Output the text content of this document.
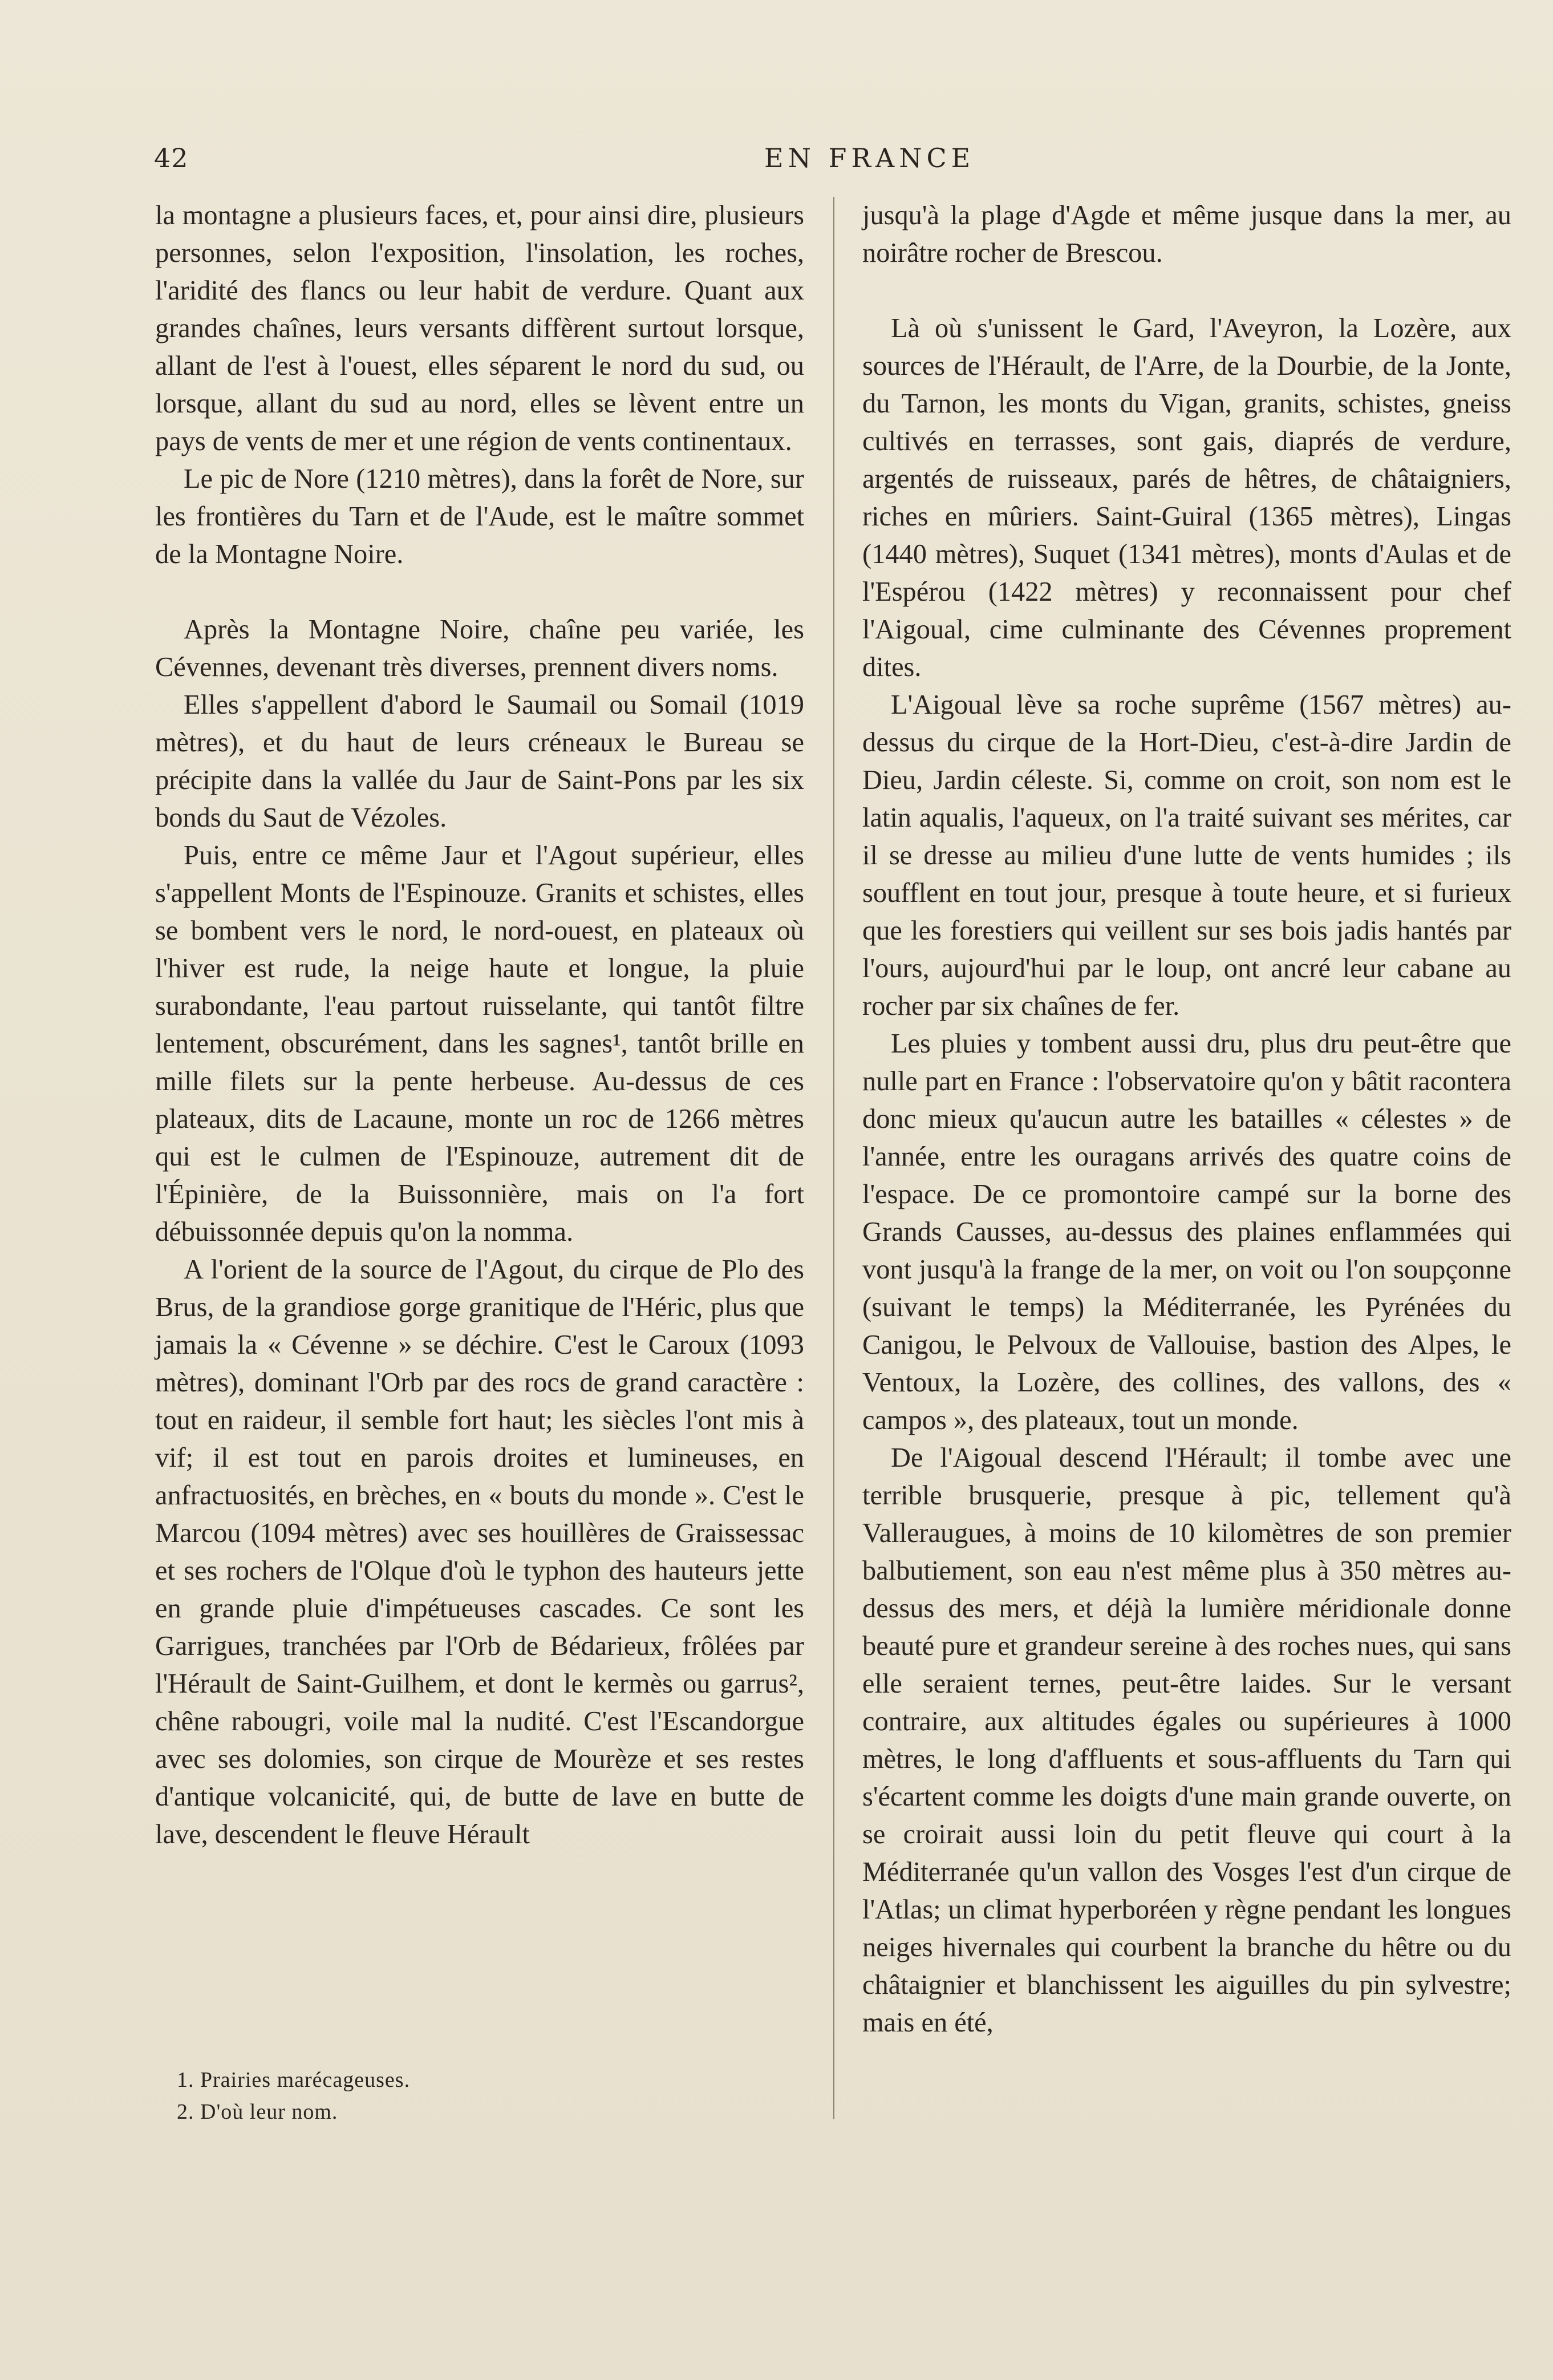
42	EN FRANCE

la montagne a plusieurs faces, et, pour ainsi dire, plusieurs personnes, selon l'exposition, l'insolation, les roches, l'aridité des flancs ou leur habit de verdure. Quant aux grandes chaînes, leurs versants diffèrent surtout lorsque, allant de l'est à l'ouest, elles séparent le nord du sud, ou lorsque, allant du sud au nord, elles se lèvent entre un pays de vents de mer et une région de vents continentaux.

Le pic de Nore (1210 mètres), dans la forêt de Nore, sur les frontières du Tarn et de l'Aude, est le maître sommet de la Montagne Noire.

Après la Montagne Noire, chaîne peu variée, les Cévennes, devenant très diverses, prennent divers noms.

Elles s'appellent d'abord le Saumail ou Somail (1019 mètres), et du haut de leurs créneaux le Bureau se précipite dans la vallée du Jaur de Saint-Pons par les six bonds du Saut de Vézoles.

Puis, entre ce même Jaur et l'Agout supérieur, elles s'appellent Monts de l'Espinouze. Granits et schistes, elles se bombent vers le nord, le nord-ouest, en plateaux où l'hiver est rude, la neige haute et longue, la pluie surabondante, l'eau partout ruisselante, qui tantôt filtre lentement, obscurément, dans les sagnes¹, tantôt brille en mille filets sur la pente herbeuse. Au-dessus de ces plateaux, dits de Lacaune, monte un roc de 1266 mètres qui est le culmen de l'Espinouze, autrement dit de l'Épinière, de la Buissonnière, mais on l'a fort débuissonnée depuis qu'on la nomma.

A l'orient de la source de l'Agout, du cirque de Plo des Brus, de la grandiose gorge granitique de l'Héric, plus que jamais la « Cévenne » se déchire. C'est le Caroux (1093 mètres), dominant l'Orb par des rocs de grand caractère : tout en raideur, il semble fort haut; les siècles l'ont mis à vif; il est tout en parois droites et lumineuses, en anfractuosités, en brèches, en « bouts du monde ». C'est le Marcou (1094 mètres) avec ses houillères de Graissessac et ses rochers de l'Olque d'où le typhon des hauteurs jette en grande pluie d'impétueuses cascades. Ce sont les Garrigues, tranchées par l'Orb de Bédarieux, frôlées par l'Hérault de Saint-Guilhem, et dont le kermès ou garrus², chêne rabougri, voile mal la nudité. C'est l'Escandorgue avec ses dolomies, son cirque de Mourèze et ses restes d'antique volcanicité, qui, de butte de lave en butte de lave, descendent le fleuve Hérault

jusqu'à la plage d'Agde et même jusque dans la mer, au noirâtre rocher de Brescou.

Là où s'unissent le Gard, l'Aveyron, la Lozère, aux sources de l'Hérault, de l'Arre, de la Dourbie, de la Jonte, du Tarnon, les monts du Vigan, granits, schistes, gneiss cultivés en terrasses, sont gais, diaprés de verdure, argentés de ruisseaux, parés de hêtres, de châtaigniers, riches en mûriers. Saint-Guiral (1365 mètres), Lingas (1440 mètres), Suquet (1341 mètres), monts d'Aulas et de l'Espérou (1422 mètres) y reconnaissent pour chef l'Aigoual, cime culminante des Cévennes proprement dites.

L'Aigoual lève sa roche suprême (1567 mètres) au-dessus du cirque de la Hort-Dieu, c'est-à-dire Jardin de Dieu, Jardin céleste. Si, comme on croit, son nom est le latin aqualis, l'aqueux, on l'a traité suivant ses mérites, car il se dresse au milieu d'une lutte de vents humides ; ils soufflent en tout jour, presque à toute heure, et si furieux que les forestiers qui veillent sur ses bois jadis hantés par l'ours, aujourd'hui par le loup, ont ancré leur cabane au rocher par six chaînes de fer.

Les pluies y tombent aussi dru, plus dru peut-être que nulle part en France : l'observatoire qu'on y bâtit racontera donc mieux qu'aucun autre les batailles « célestes » de l'année, entre les ouragans arrivés des quatre coins de l'espace. De ce promontoire campé sur la borne des Grands Causses, au-dessus des plaines enflammées qui vont jusqu'à la frange de la mer, on voit ou l'on soupçonne (suivant le temps) la Méditerranée, les Pyrénées du Canigou, le Pelvoux de Vallouise, bastion des Alpes, le Ventoux, la Lozère, des collines, des vallons, des « campos », des plateaux, tout un monde.

De l'Aigoual descend l'Hérault; il tombe avec une terrible brusquerie, presque à pic, tellement qu'à Valleraugues, à moins de 10 kilomètres de son premier balbutiement, son eau n'est même plus à 350 mètres au-dessus des mers, et déjà la lumière méridionale donne beauté pure et grandeur sereine à des roches nues, qui sans elle seraient ternes, peut-être laides. Sur le versant contraire, aux altitudes égales ou supérieures à 1000 mètres, le long d'affluents et sous-affluents du Tarn qui s'écartent comme les doigts d'une main grande ouverte, on se croirait aussi loin du petit fleuve qui court à la Méditerranée qu'un vallon des Vosges l'est d'un cirque de l'Atlas; un climat hyperboréen y règne pendant les longues neiges hivernales qui courbent la branche du hêtre ou du châtaignier et blanchissent les aiguilles du pin sylvestre; mais en été,

1. Prairies marécageuses.
2. D'où leur nom.
